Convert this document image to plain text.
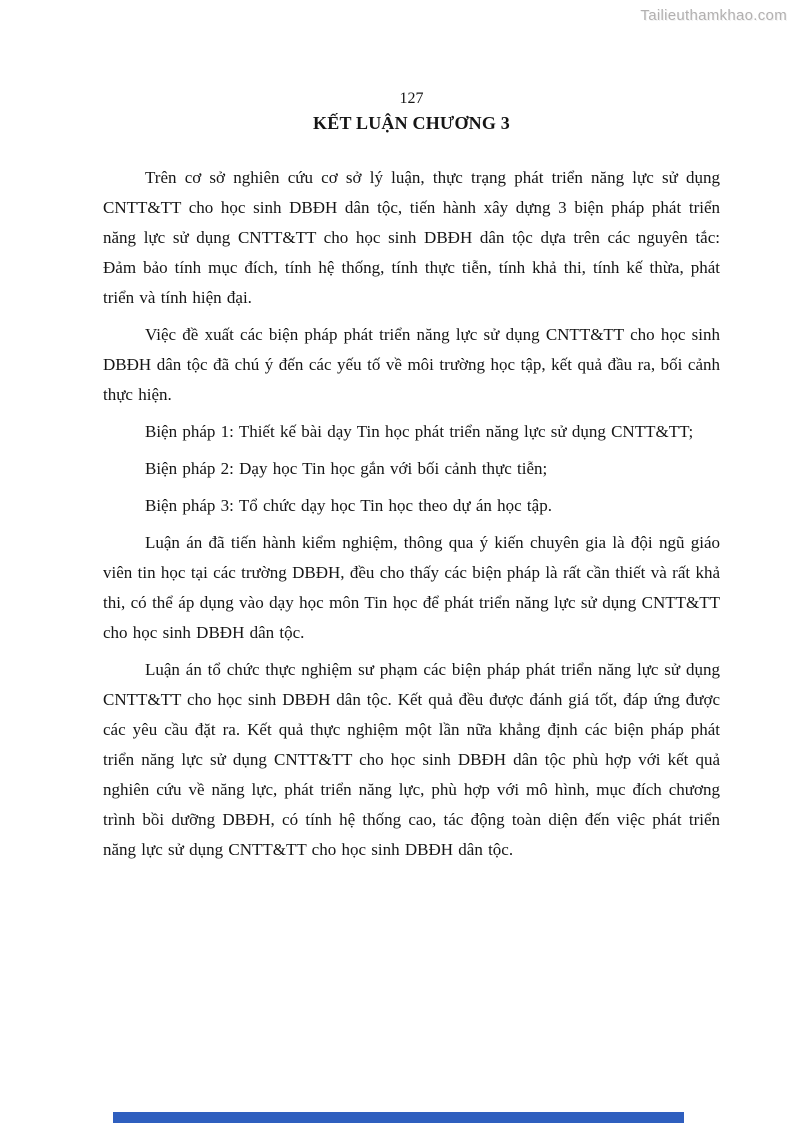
Tailieuthamkhao.com
127
KẾT LUẬN CHƯƠNG 3

Trên cơ sở nghiên cứu cơ sở lý luận, thực trạng phát triển năng lực sử dụng CNTT&TT cho học sinh DBĐH dân tộc, tiến hành xây dựng 3 biện pháp phát triển năng lực sử dụng CNTT&TT cho học sinh DBĐH dân tộc dựa trên các nguyên tắc: Đảm bảo tính mục đích, tính hệ thống, tính thực tiễn, tính khả thi, tính kế thừa, phát triển và tính hiện đại.

Việc đề xuất các biện pháp phát triển năng lực sử dụng CNTT&TT cho học sinh DBĐH dân tộc đã chú ý đến các yếu tố về môi trường học tập, kết quả đầu ra, bối cảnh thực hiện.

Biện pháp 1: Thiết kế bài dạy Tin học phát triển năng lực sử dụng CNTT&TT;

Biện pháp 2: Dạy học Tin học gắn với bối cảnh thực tiễn;

Biện pháp 3: Tổ chức dạy học Tin học theo dự án học tập.

Luận án đã tiến hành kiểm nghiệm, thông qua ý kiến chuyên gia là đội ngũ giáo viên tin học tại các trường DBĐH, đều cho thấy các biện pháp là rất cần thiết và rất khả thi, có thể áp dụng vào dạy học môn Tin học để phát triển năng lực sử dụng CNTT&TT cho học sinh DBĐH dân tộc.

Luận án tổ chức thực nghiệm sư phạm các biện pháp phát triển năng lực sử dụng CNTT&TT cho học sinh DBĐH dân tộc. Kết quả đều được đánh giá tốt, đáp ứng được các yêu cầu đặt ra. Kết quả thực nghiệm một lần nữa khẳng định các biện pháp phát triển năng lực sử dụng CNTT&TT cho học sinh DBĐH dân tộc phù hợp với kết quả nghiên cứu về năng lực, phát triển năng lực, phù hợp với mô hình, mục đích chương trình bồi dưỡng DBĐH, có tính hệ thống cao, tác động toàn diện đến việc phát triển năng lực sử dụng CNTT&TT cho học sinh DBĐH dân tộc.
